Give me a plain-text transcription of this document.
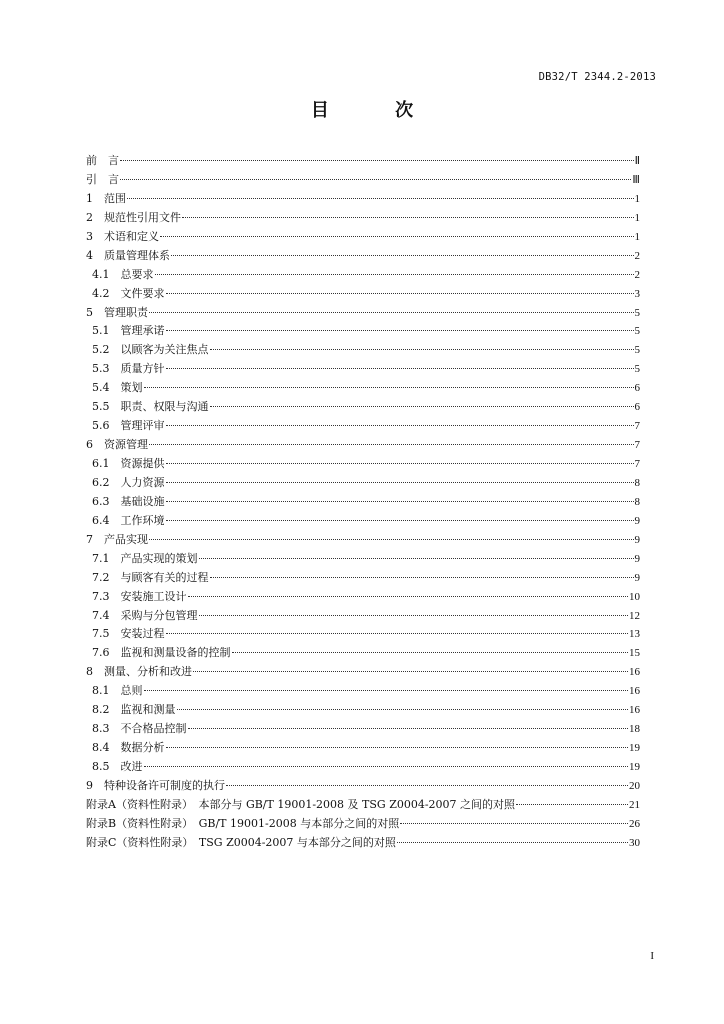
DB32/T 2344.2-2013
目 次
前　言	Ⅱ
引　言	Ⅲ
1　范围	1
2　规范性引用文件	1
3　术语和定义	1
4　质量管理体系	2
4.1　总要求	2
4.2　文件要求	3
5　管理职责	5
5.1　管理承诺	5
5.2　以顾客为关注焦点	5
5.3　质量方针	5
5.4　策划	6
5.5　职责、权限与沟通	6
5.6　管理评审	7
6　资源管理	7
6.1　资源提供	7
6.2　人力资源	8
6.3　基础设施	8
6.4　工作环境	9
7　产品实现	9
7.1　产品实现的策划	9
7.2　与顾客有关的过程	9
7.3　安装施工设计	10
7.4　采购与分包管理	12
7.5　安装过程	13
7.6　监视和测量设备的控制	15
8　测量、分析和改进	16
8.1　总则	16
8.2　监视和测量	16
8.3　不合格品控制	18
8.4　数据分析	19
8.5　改进	19
9　特种设备许可制度的执行	20
附录A（资料性附录）　本部分与 GB/T 19001-2008 及 TSG Z0004-2007 之间的对照	21
附录B（资料性附录）　GB/T 19001-2008 与本部分之间的对照	26
附录C（资料性附录）　TSG Z0004-2007 与本部分之间的对照	30
I
